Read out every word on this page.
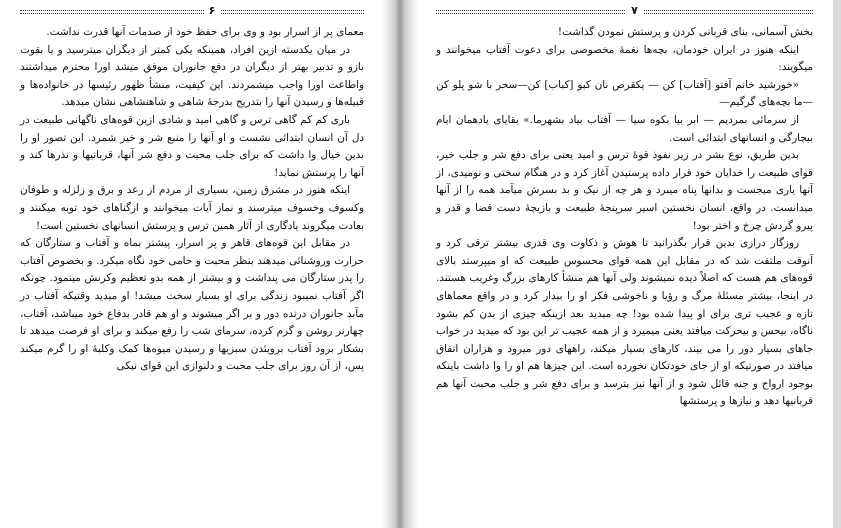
۶

معمای پر از اسرار بود و وی برای حفظ خود از صدمات آنها قدرت نداشت.

در میان یکدسته ازین افراد، همینکه یکی کمتر از دیگران میترسید و یا بقوت بازو و تدبیر بهتر از دیگران در دفع جانوران موفق میشد اورا محترم میداشتند واطاعت اورا واجب میشمردند. این کیفیت، منشأ ظهور رئیسها در خانواده‌ها و قبیله‌ها و رسیدن آنها را بتدریج بدرجهٔ شاهی و شاهنشاهی نشان میدهد.

باری کم کم گاهی ترس و گاهی امید و شادی ازین قوه‌های ناگهانی طبیعت در دل آن انسان ابتدائی نشست و او آنها را منبع شر و خیر شمرد. این تصور او را بدین خیال وا داشت که برای جلب محبت و دفع شر آنها، قربانیها و نذرها کند و آنها را پرستش نماید!

اینکه هنوز در مشرق زمین، بسیاری از مردم از رعد و برق و زلزله و طوفان وکسوف وخسوف میترسند و نماز آیات میخوانند و ازگناهای خود توبه میکنند و بعادت میگروند یادگاری از آثار همین ترس و پرستش انسانهای نخستین است!

در مقابل این قوه‌های قاهر و پر اسرار، پیشتر بماه و آفتاب و ستارگان که حرارت وروشنائی میدهند بنظر محبت و حامی خود نگاه میکرد. و بخصوص آفتاب را پدر ستارگان می پنداشت و و بیشتر از همه بدو تعظیم وکرنش مینمود. چونکه اگر آفتاب نمیبود زندگی برای او بسیار سخت میشد! او میدید وقتیکه آفتاب در مآبد جانوران درنده دور و بر اگر میشوند و او هم قادر بدفاع خود میباشد، آفتاب، چهارنر روشن و گرم کرده، سرمای شب را رفع میکند و برای او فرصت میدهد تا بشکار برود آفتاب برویئدن سبزیها و رسیدن میوه‌ها کمک وکلبهٔ او را گرم میکند پس، از آن روز برای جلب محبت و دلنوازی این قوای نیکی

۷

بخش آسمانی، بنای قربانی کردن و پرستش نمودن گذاشت!

اینکه هنوز در ایران خودمان، بچه‌ها نغمهٔ مخصوصی برای دعوت آفتاب میخوانند و میگویند:

«خورشید خانم آفتو [آفتاب] کن — یکقرص نان کبو [کباب] کن—سحر با شو پلو کن—ما بچه‌های گرگیم—

از سرمائی بمردیم — ابر بیا بکوه سیا — آفتاب بیاد بشهرما.» بقایای یادهمان ایام بیچارگی و انسانهای ابتدائی است.

بدین طریق، نوع بشر در زیر نفوذ قوهٔ ترس و امید یعنی برای دفع شر و جلب خیر، قوای طبیعت را خدایان خود قرار داده پرستیدن آغاز کرد و در هنگام سختی و نومیدی، از آنها یاری میجست و بدانها پناه میبرد و هر چه از نیک و بد بسرش میآمد همه را از آنها میدانست. در واقع، انسان نخستین اسیر سرپنجهٔ طبیعت و بازیچهٔ دست قضا و قدر و پیرو گردش چرخ و اختر بود!

روزگار درازی بدین قرار بگذرانید تا هوش و ذکاوت وی قدری بیشتر ترقی کرد و آنوقت ملتفت شد که در مقابل این همه قوای محسوس طبیعت که او میپرستد بالای قوه‌های هم هست که اصلاً دیده نمیشوند ولی آنها هم منشأ کارهای بزرگ وغریب هستند. در اینجا، بیشتر مسئلهٔ مرگ و رؤیا و ناخوشی فکر او را بیدار کرد و در واقع معماهای تازه و عجیب تری برای او پیدا شده بود! چه میدید بعد ازینکه چیزی از بدن کم بشود ناگاه، بیحس و بیحرکت میافتد یعنی میمیرد و از همه عجیب تر این بود که میدید در خواب جاهای بسیار دور را می بیند، کارهای بسیار میکند، راههای دور میرود و هزاران اتفاق میافتد در صورتیکه او از جای خودتکان نخورده است. این چیزها هم او را وا داشت باینکه بوجود ارواح و جنه قائل شود و از آنها نیز بترسد و برای دفع شر و جلب محبت آنها هم قربانیها دهد و نیازها و پرستشها
